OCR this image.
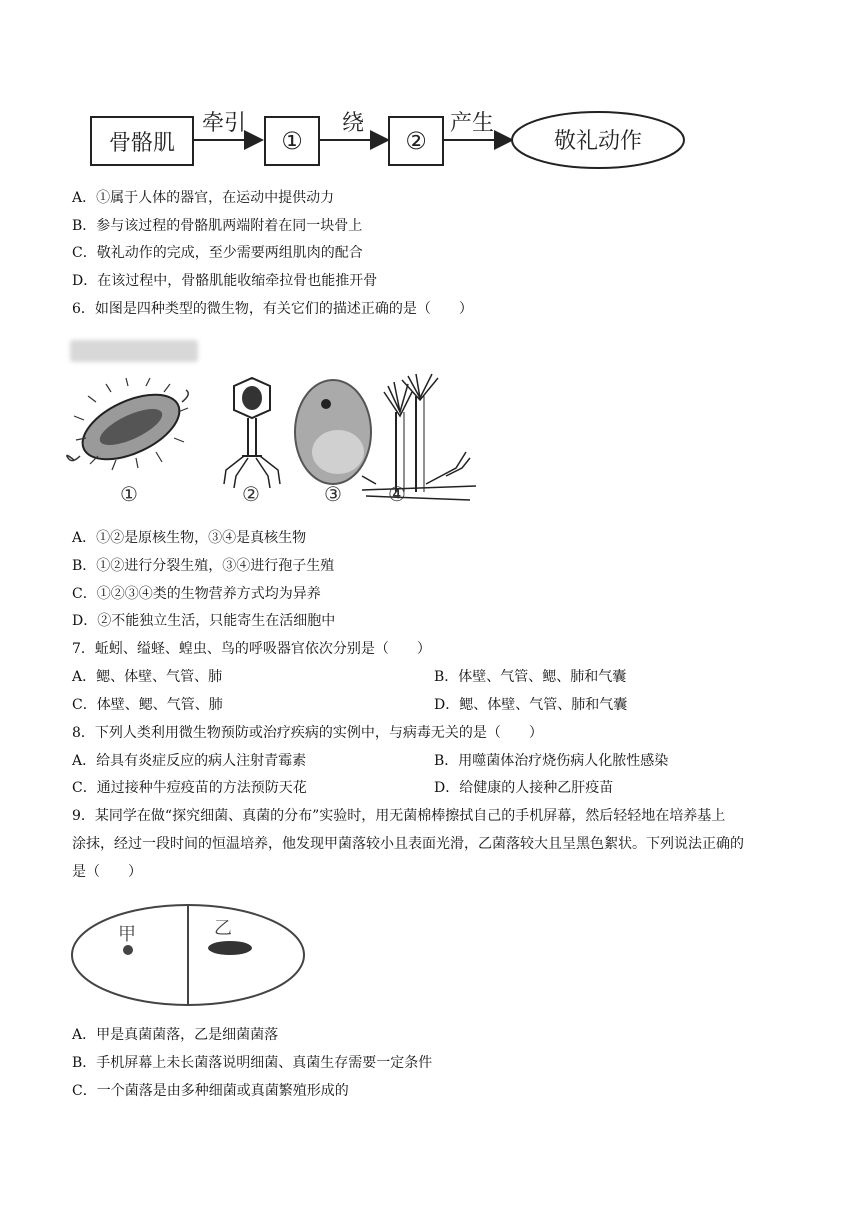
骨骼肌
牵引
①
绕
②
产生
敬礼动作
A．①属于人体的器官，在运动中提供动力
B．参与该过程的骨骼肌两端附着在同一块骨上
C．敬礼动作的完成，至少需要两组肌肉的配合
D．在该过程中，骨骼肌能收缩牵拉骨也能推开骨
6．如图是四种类型的微生物，有关它们的描述正确的是（　　）
①	②	③ ④
A．①②是原核生物，③④是真核生物
B．①②进行分裂生殖，③④进行孢子生殖
C．①②③④类的生物营养方式均为异养
D．②不能独立生活，只能寄生在活细胞中
7．蚯蚓、缢蛏、蝗虫、鸟的呼吸器官依次分别是（　　）
A．鳃、体壁、气管、肺	B．体壁、气管、鳃、肺和气囊
C．体壁、鳃、气管、肺	D．鳃、体壁、气管、肺和气囊
8．下列人类利用微生物预防或治疗疾病的实例中，与病毒无关的是（　　）
A．给具有炎症反应的病人注射青霉素	B．用噬菌体治疗烧伤病人化脓性感染
C．通过接种牛痘疫苗的方法预防天花	D．给健康的人接种乙肝疫苗
9．某同学在做“探究细菌、真菌的分布”实验时，用无菌棉棒擦拭自己的手机屏幕，然后轻轻地在培养基上
涂抹，经过一段时间的恒温培养，他发现甲菌落较小且表面光滑，乙菌落较大且呈黑色絮状。下列说法正确的
是（　　）
甲	乙
A．甲是真菌菌落，乙是细菌菌落
B．手机屏幕上未长菌落说明细菌、真菌生存需要一定条件
C．一个菌落是由多种细菌或真菌繁殖形成的
